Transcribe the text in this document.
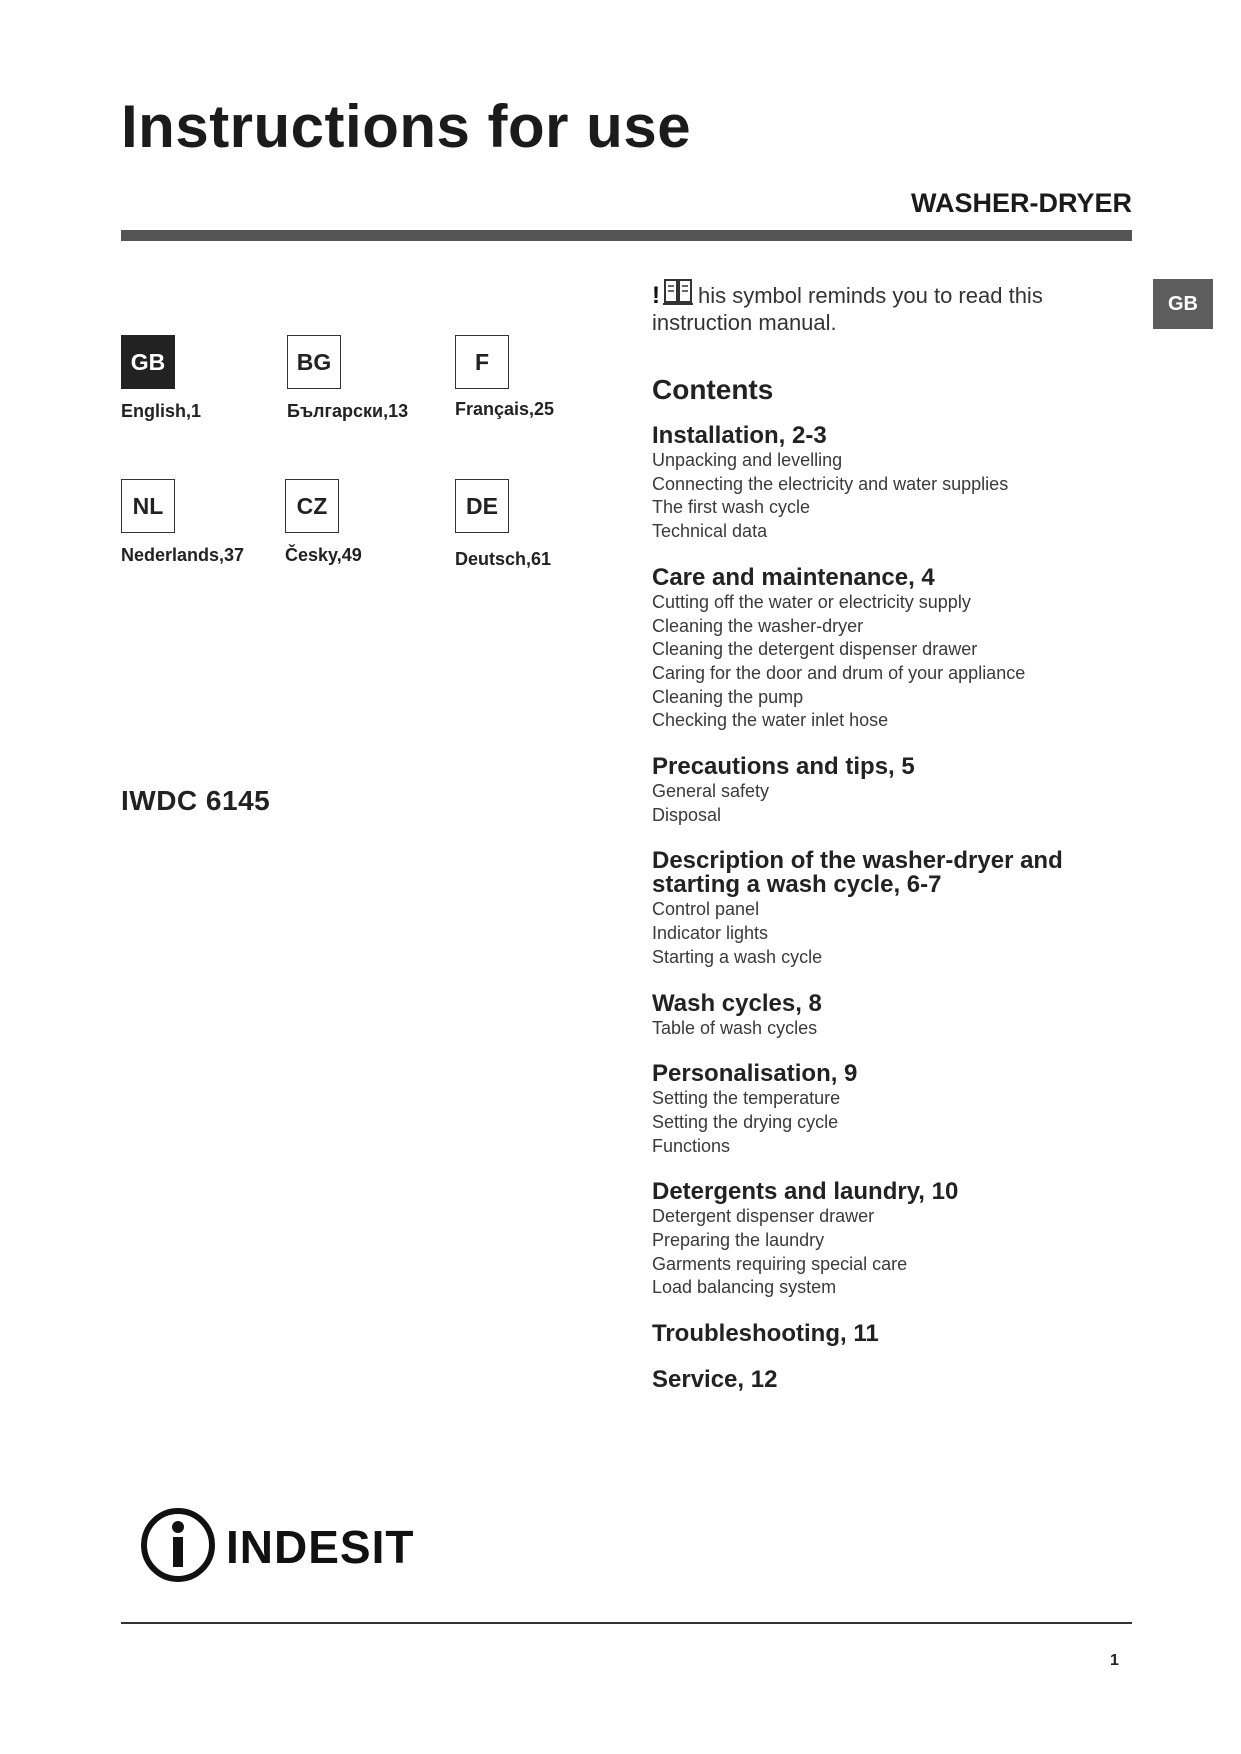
Instructions for use
WASHER-DRYER
GB
GB
English,1
BG
Български,13
F
Français,25
NL
Nederlands,37
CZ
Česky,49
DE
Deutsch,61
IWDC 6145
! his symbol reminds you to read this
instruction manual.
Contents
Installation, 2-3
Unpacking and levelling
Connecting the electricity and water supplies
The first wash cycle
Technical data
Care and maintenance, 4
Cutting off the water or electricity supply
Cleaning the washer-dryer
Cleaning the detergent dispenser drawer
Caring for the door and drum of your appliance
Cleaning the pump
Checking the water inlet hose
Precautions and tips, 5
General safety
Disposal
Description of the washer-dryer and starting a wash cycle, 6-7
Control panel
Indicator lights
Starting a wash cycle
Wash cycles, 8
Table of wash cycles
Personalisation, 9
Setting the temperature
Setting the drying cycle
Functions
Detergents and laundry, 10
Detergent dispenser drawer
Preparing the laundry
Garments requiring special care
Load balancing system
Troubleshooting, 11
Service, 12
INDESIT
1
